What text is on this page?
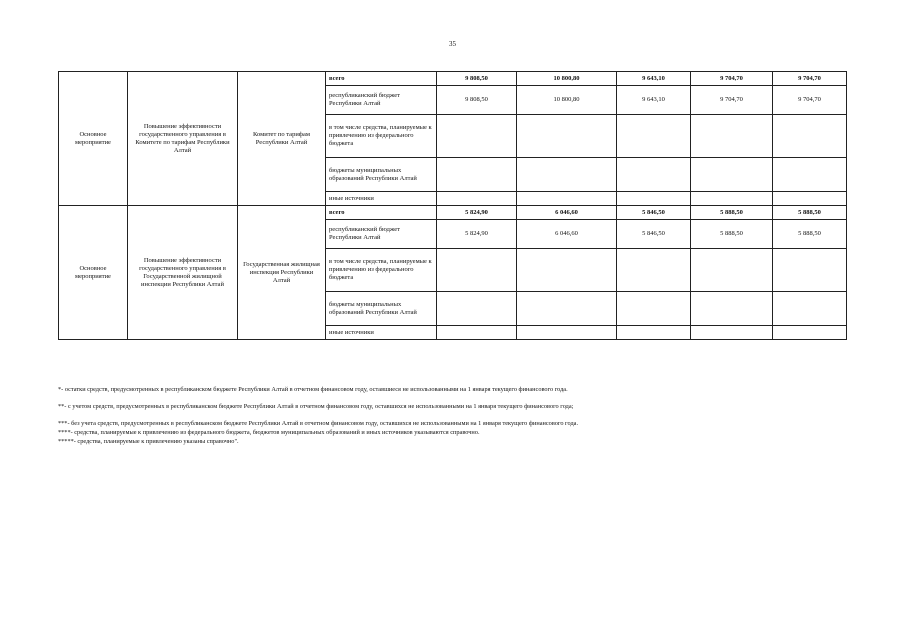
35
Основное мероприятие	Повышение эффективности государственного управления в Комитете по тарифам Республики Алтай	Комитет по тарифам Республики Алтай	всего	9 808,50	10 800,80	9 643,10	9 704,70	9 704,70
			республиканский бюджет Республики Алтай	9 808,50	10 800,80	9 643,10	9 704,70	9 704,70
			в том числе средства, планируемые к привлечению из федерального бюджета					
			бюджеты муниципальных образований Республики Алтай					
			иные источники					
Основное мероприятие	Повышение эффективности государственного управления в Государственной жилищной инспекции Республики Алтай	Государственная жилищная инспекция Республики Алтай	всего	5 824,90	6 046,60	5 846,50	5 888,50	5 888,50
			республиканский бюджет Республики Алтай	5 824,90	6 046,60	5 846,50	5 888,50	5 888,50
			в том числе средства, планируемые к привлечению из федерального бюджета					
			бюджеты муниципальных образований Республики Алтай					
			иные источники					

*- остатки средств, предусмотренных в республиканском бюджете Республики Алтай в отчетном финансовом году, оставшиеся не использованными на 1 января текущего финансового года.

**- с учетом средств, предусмотренных в республиканском бюджете Республики Алтай в отчетном финансовом году, оставшихся не использованными на 1 января текущего финансового года;

***- без учета средств, предусмотренных в республиканском бюджете Республики Алтай в отчетном финансовом году, оставшихся не использованными на 1 января текущего финансового года.

****- средства, планируемые к привлечению из федерального бюджета, бюджетов муниципальных образований и иных источников указываются справочно.

*****- средства, планируемые к привлечению указаны справочно".
